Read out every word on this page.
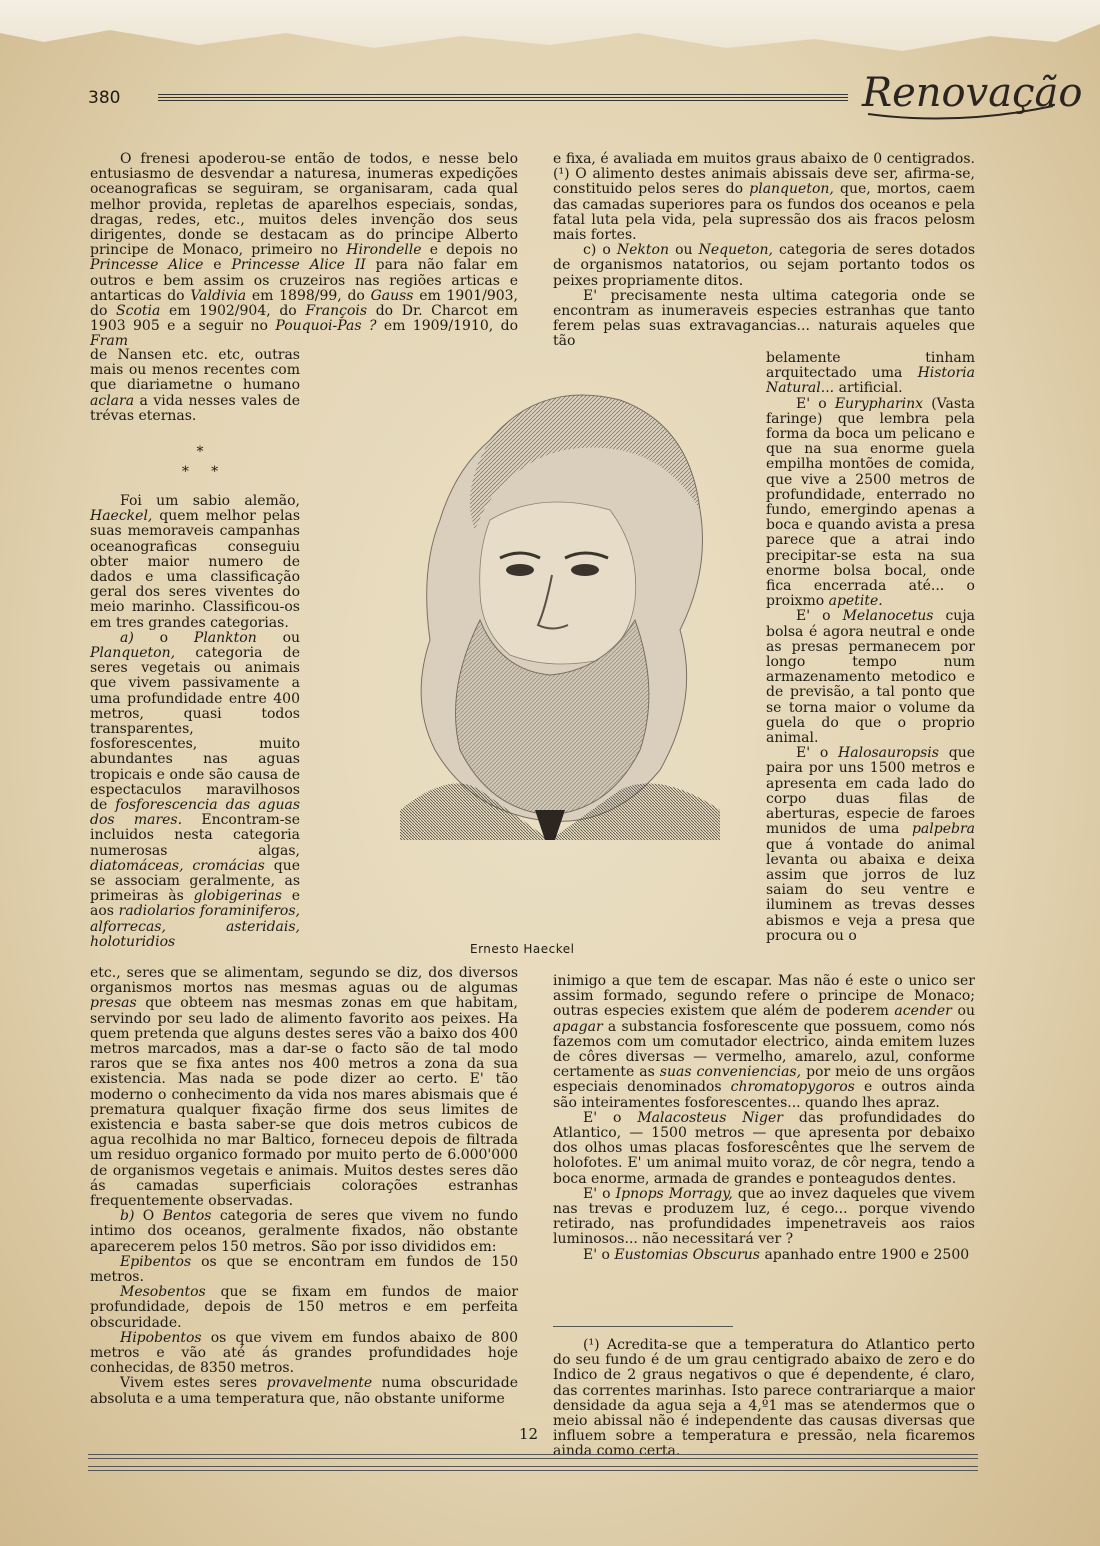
380	Renovação

O frenesi apoderou-se então de todos, e nesse belo entusiasmo de desvendar a naturesa, inumeras expedições oceanograficas se seguiram, se organisaram, cada qual melhor provida, repletas de aparelhos especiais, sondas, dragas, redes, etc., muitos deles invenção dos seus dirigentes, donde se destacam as do principe Alberto principe de Monaco, primeiro no Hirondelle e depois no Princesse Alice e Princesse Alice II para não falar em outros e bem assim os cruzeiros nas regiões articas e antarticas do Valdivia em 1898/99, do Gauss em 1901/903, do Scotia em 1902/904, do François do Dr. Charcot em 1903 905 e a seguir no Pouquoi-Pas ? em 1909/1910, do Fram

de Nansen etc. etc, outras mais ou menos recentes com que diariametne o humano aclara a vida nesses vales de trévas eternas.

*
*     *

Foi um sabio alemão, Haeckel, quem melhor pelas suas memoraveis campanhas oceanograficas conseguiu obter maior numero de dados e uma classificação geral dos seres viventes do meio marinho. Classificou-os em tres grandes categorias.

a) o Plankton ou Planqueton, categoria de seres vegetais ou animais que vivem passivamente a uma profundidade entre 400 metros, quasi todos transparentes, fosforescentes, muito abundantes nas aguas tropicais e onde são causa de espectaculos maravilhosos de fosforescencia das aguas dos mares. Encontram-se incluidos nesta categoria numerosas algas, diatomáceas, cromácias que se associam geralmente, as primeiras às globigerinas e aos radiolarios foraminiferos, alforrecas, asteridais, holoturidios

etc., seres que se alimentam, segundo se diz, dos diversos organismos mortos nas mesmas aguas ou de algumas presas que obteem nas mesmas zonas em que habitam, servindo por seu lado de alimento favorito aos peixes. Ha quem pretenda que alguns destes seres vão a baixo dos 400 metros marcados, mas a dar-se o facto são de tal modo raros que se fixa antes nos 400 metros a zona da sua existencia. Mas nada se pode dizer ao certo. E' tão moderno o conhecimento da vida nos mares abismais que é prematura qualquer fixação firme dos seus limites de existencia e basta saber-se que dois metros cubicos de agua recolhida no mar Baltico, forneceu depois de filtrada um residuo organico formado por muito perto de 6.000'000 de organismos vegetais e animais. Muitos destes seres dão ás camadas superficiais colorações estranhas frequentemente observadas.

b) O Bentos categoria de seres que vivem no fundo intimo dos oceanos, geralmente fixados, não obstante aparecerem pelos 150 metros. São por isso divididos em:

Epibentos os que se encontram em fundos de 150 metros.

Mesobentos que se fixam em fundos de maior profundidade, depois de 150 metros e em perfeita obscuridade.

Hipobentos os que vivem em fundos abaixo de 800 metros e vão até ás grandes profundidades hoje conhecidas, de 8350 metros.

Vivem estes seres provavelmente numa obscuridade absoluta e a uma temperatura que, não obstante uniforme

Ernesto Haeckel

e fixa, é avaliada em muitos graus abaixo de 0 centigrados. (¹) O alimento destes animais abissais deve ser, afirma-se, constituido pelos seres do planqueton, que, mortos, caem das camadas superiores para os fundos dos oceanos e pela fatal luta pela vida, pela supressão dos ais fracos pelosm mais fortes.

c) o Nekton ou Nequeton, categoria de seres dotados de organismos natatorios, ou sejam portanto todos os peixes propriamente ditos.

E' precisamente nesta ultima categoria onde se encontram as inumeraveis especies estranhas que tanto ferem pelas suas extravagancias... naturais aqueles que tão

belamente tinham arquitectado uma Historia Natural... artificial.

E' o Eurypharinx (Vasta faringe) que lembra pela forma da boca um pelicano e que na sua enorme guela empilha montões de comida, que vive a 2500 metros de profundidade, enterrado no fundo, emergindo apenas a boca e quando avista a presa parece que a atrai indo precipitar-se esta na sua enorme bolsa bocal, onde fica encerrada até... o proixmo apetite.

E' o Melanocetus cuja bolsa é agora neutral e onde as presas permanecem por longo tempo num armazenamento metodico e de previsão, a tal ponto que se torna maior o volume da guela do que o proprio animal.

E' o Halosauropsis que paira por uns 1500 metros e apresenta em cada lado do corpo duas filas de aberturas, especie de faroes munidos de uma palpebra que á vontade do animal levanta ou abaixa e deixa assim que jorros de luz saiam do seu ventre e iluminem as trevas desses abismos e veja a presa que procura ou o

inimigo a que tem de escapar. Mas não é este o unico ser assim formado, segundo refere o principe de Monaco; outras especies existem que além de poderem acender ou apagar a substancia fosforescente que possuem, como nós fazemos com um comutador electrico, ainda emitem luzes de côres diversas — vermelho, amarelo, azul, conforme certamente as suas conveniencias, por meio de uns orgãos especiais denominados chromatopygoros e outros ainda são inteiramentes fosforescentes... quando lhes apraz.

E' o Malacosteus Niger das profundidades do Atlantico, — 1500 metros — que apresenta por debaixo dos olhos umas placas fosforescêntes que lhe servem de holofotes. E' um animal muito voraz, de côr negra, tendo a boca enorme, armada de grandes e ponteagudos dentes.

E' o Ipnops Morragy, que ao invez daqueles que vivem nas trevas e produzem luz, é cego... porque vivendo retirado, nas profundidades impenetraveis aos raios luminosos... não necessitará ver ?

E' o Eustomias Obscurus apanhado entre 1900 e 2500

(¹) Acredita-se que a temperatura do Atlantico perto do seu fundo é de um grau centigrado abaixo de zero e do Indico de 2 graus negativos o que é dependente, é claro, das correntes marinhas. Isto parece contrariarque a maior densidade da agua seja a 4,º1 mas se atendermos que o meio abissal não é independente das causas diversas que influem sobre a temperatura e pressão, nela ficaremos ainda como certa.

12
